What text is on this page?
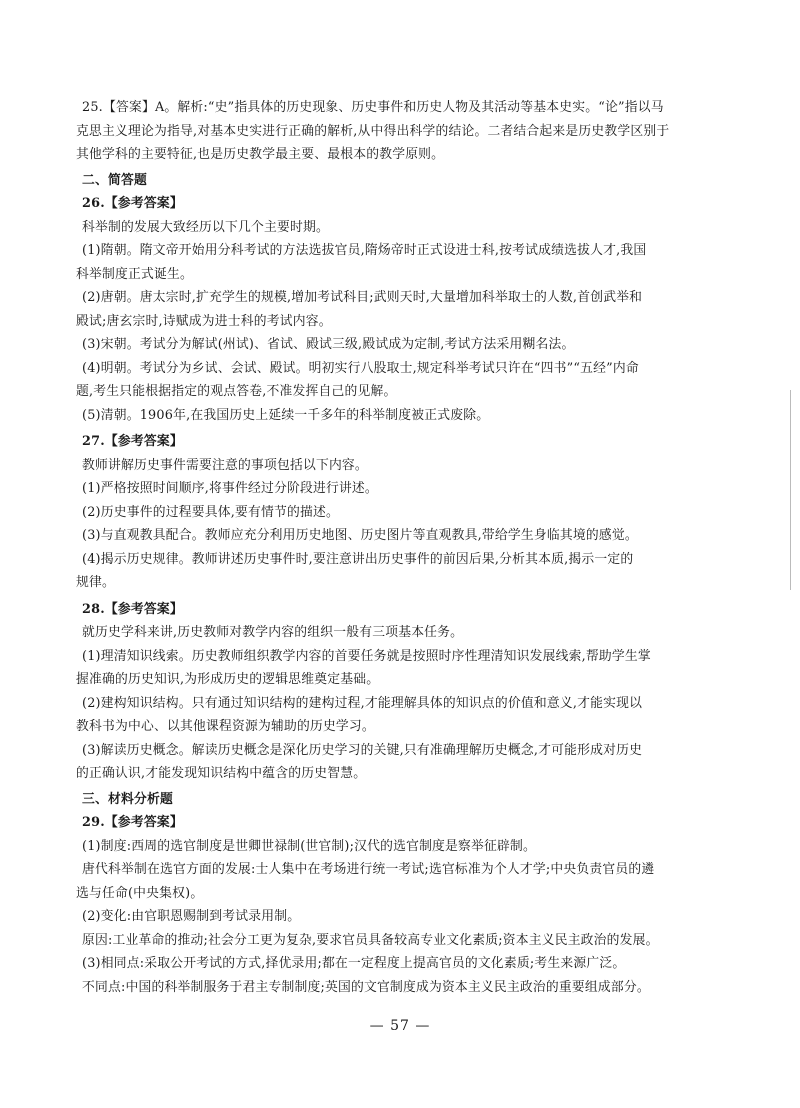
25.【答案】A。解析:“史”指具体的历史现象、历史事件和历史人物及其活动等基本史实。“论”指以马
克思主义理论为指导,对基本史实进行正确的解析,从中得出科学的结论。二者结合起来是历史教学区别于
其他学科的主要特征,也是历史教学最主要、最根本的教学原则。
二、简答题
26.【参考答案】
科举制的发展大致经历以下几个主要时期。
(1)隋朝。隋文帝开始用分科考试的方法选拔官员,隋炀帝时正式设进士科,按考试成绩选拔人才,我国
科举制度正式诞生。
(2)唐朝。唐太宗时,扩充学生的规模,增加考试科目;武则天时,大量增加科举取士的人数,首创武举和
殿试;唐玄宗时,诗赋成为进士科的考试内容。
(3)宋朝。考试分为解试(州试)、省试、殿试三级,殿试成为定制,考试方法采用糊名法。
(4)明朝。考试分为乡试、会试、殿试。明初实行八股取士,规定科举考试只许在“四书”“五经”内命
题,考生只能根据指定的观点答卷,不准发挥自己的见解。
(5)清朝。1906年,在我国历史上延续一千多年的科举制度被正式废除。
27.【参考答案】
教师讲解历史事件需要注意的事项包括以下内容。
(1)严格按照时间顺序,将事件经过分阶段进行讲述。
(2)历史事件的过程要具体,要有情节的描述。
(3)与直观教具配合。教师应充分利用历史地图、历史图片等直观教具,带给学生身临其境的感觉。
(4)揭示历史规律。教师讲述历史事件时,要注意讲出历史事件的前因后果,分析其本质,揭示一定的
规律。
28.【参考答案】
就历史学科来讲,历史教师对教学内容的组织一般有三项基本任务。
(1)理清知识线索。历史教师组织教学内容的首要任务就是按照时序性理清知识发展线索,帮助学生掌
握准确的历史知识,为形成历史的逻辑思维奠定基础。
(2)建构知识结构。只有通过知识结构的建构过程,才能理解具体的知识点的价值和意义,才能实现以
教科书为中心、以其他课程资源为辅助的历史学习。
(3)解读历史概念。解读历史概念是深化历史学习的关键,只有准确理解历史概念,才可能形成对历史
的正确认识,才能发现知识结构中蕴含的历史智慧。
三、材料分析题
29.【参考答案】
(1)制度:西周的选官制度是世卿世禄制(世官制);汉代的选官制度是察举征辟制。
唐代科举制在选官方面的发展:士人集中在考场进行统一考试;选官标准为个人才学;中央负责官员的遴
选与任命(中央集权)。
(2)变化:由官职恩赐制到考试录用制。
原因:工业革命的推动;社会分工更为复杂,要求官员具备较高专业文化素质;资本主义民主政治的发展。
(3)相同点:采取公开考试的方式,择优录用;都在一定程度上提高官员的文化素质;考生来源广泛。
不同点:中国的科举制服务于君主专制制度;英国的文官制度成为资本主义民主政治的重要组成部分。
— 57 —
